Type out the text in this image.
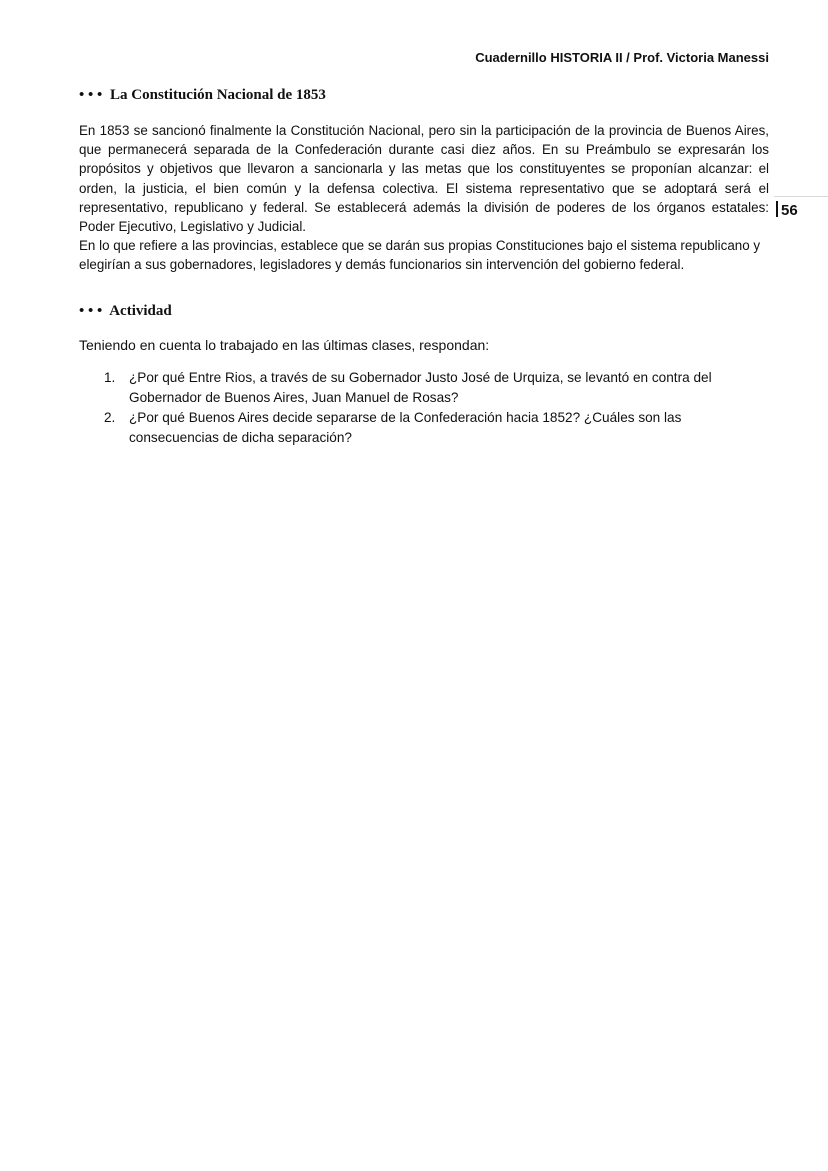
Cuadernillo HISTORIA II / Prof. Victoria Manessi
• • • La Constitución Nacional de 1853

En 1853 se sancionó finalmente la Constitución Nacional, pero sin la participación de la provincia de Buenos Aires, que permanecerá separada de la Confederación durante casi diez años. En su Preámbulo se expresarán los propósitos y objetivos que llevaron a sancionarla y las metas que los constituyentes se proponían alcanzar: el orden, la justicia, el bien común y la defensa colectiva. El sistema representativo que se adoptará será el representativo, republicano y federal. Se establecerá además la división de poderes de los órganos estatales: Poder Ejecutivo, Legislativo y Judicial.

En lo que refiere a las provincias, establece que se darán sus propias Constituciones bajo el sistema republicano y elegirían a sus gobernadores, legisladores y demás funcionarios sin intervención del gobierno federal.

56
• • • Actividad
Teniendo en cuenta lo trabajado en las últimas clases, respondan:
1. ¿Por qué Entre Rios, a través de su Gobernador Justo José de Urquiza, se levantó en contra del Gobernador de Buenos Aires, Juan Manuel de Rosas?
2. ¿Por qué Buenos Aires decide separarse de la Confederación hacia 1852? ¿Cuáles son las consecuencias de dicha separación?
